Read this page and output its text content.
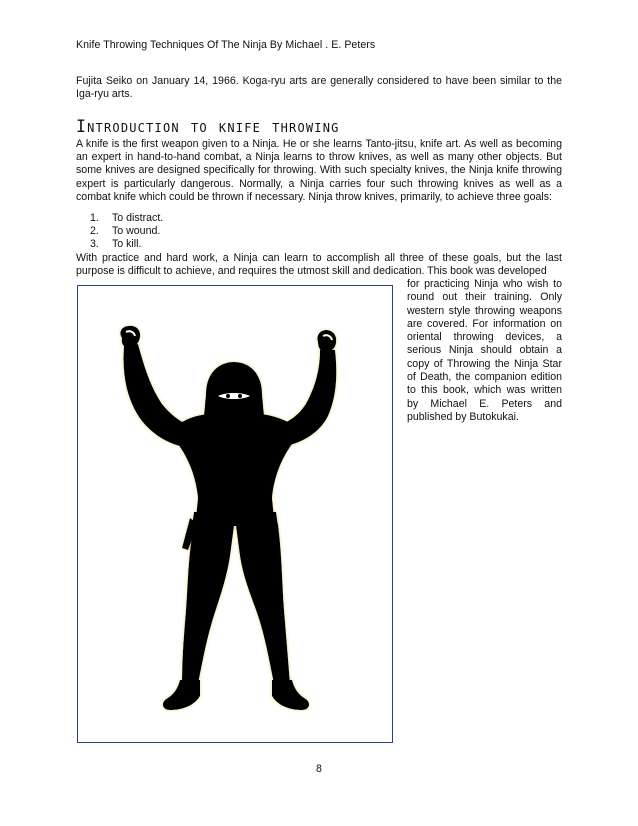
Knife Throwing Techniques Of The Ninja By Michael . E. Peters

Fujita Seiko on January 14, 1966. Koga-ryu arts are generally considered to have been similar to the Iga-ryu arts.

Introduction to knife throwing

A knife is the first weapon given to a Ninja. He or she learns Tanto-jitsu, knife art. As well as becoming an expert in hand-to-hand combat, a Ninja learns to throw knives, as well as many other objects. But some knives are designed specifically for throwing. With such specialty knives, the Ninja knife throwing expert is particularly dangerous. Normally, a Ninja carries four such throwing knives as well as a combat knife which could be thrown if necessary. Ninja throw knives, primarily, to achieve three goals:

1.	To distract.
2.	To wound.
3.	To kill.

With practice and hard work, a Ninja can learn to accomplish all three of these goals, but the last purpose is difficult to achieve, and requires the utmost skill and dedication. This book was developed

for practicing Ninja who wish to round out their training. Only western style throwing weapons are covered. For information on oriental throwing devices, a serious Ninja should obtain a copy of Throwing the Ninja Star of Death, the companion edition to this book, which was written by Michael E. Peters and published by Butokukai.

8
